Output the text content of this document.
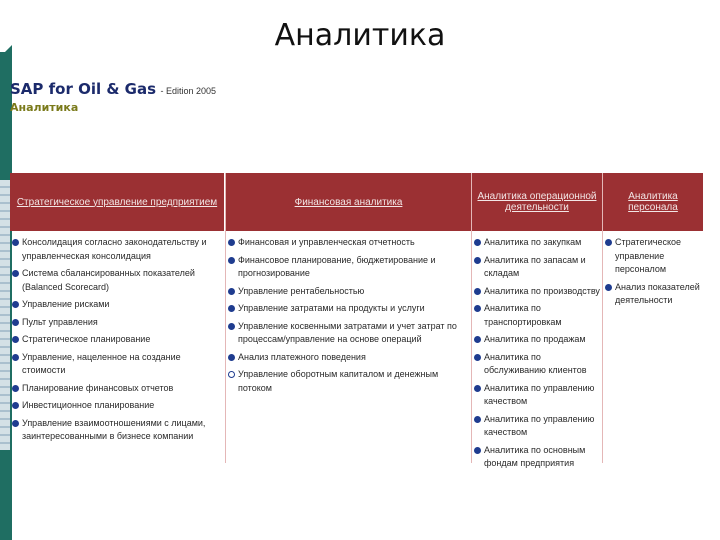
Аналитика
SAP for Oil & Gas - Edition 2005
Аналитика
Стратегическое управление предприятием
Консолидация согласно законодательству и управленческая консолидация
Система сбалансированных показателей (Balanced Scorecard)
Управление рисками
Пульт управления
Стратегическое планирование
Управление, нацеленное на создание стоимости
Планирование финансовых отчетов
Инвестиционное планирование
Управление взаимоотношениями с лицами, заинтересованными в бизнесе компании
Финансовая аналитика
Финансовая и управленческая отчетность
Финансовое планирование, бюджетирование и прогнозирование
Управление рентабельностью
Управление затратами на продукты и услуги
Управление косвенными затратами и учет затрат по процессам/управление на основе операций
Анализ платежного поведения
Управление оборотным капиталом и денежным потоком
Аналитика операционной деятельности
Аналитика по закупкам
Аналитика по запасам и складам
Аналитика по производству
Аналитика по транспортировкам
Аналитика по продажам
Аналитика по обслуживанию клиентов
Аналитика по управлению качеством
Аналитика по управлению качеством
Аналитика по основным фондам предприятия
Аналитика персонала
Стратегическое управление персоналом
Анализ показателей деятельности
